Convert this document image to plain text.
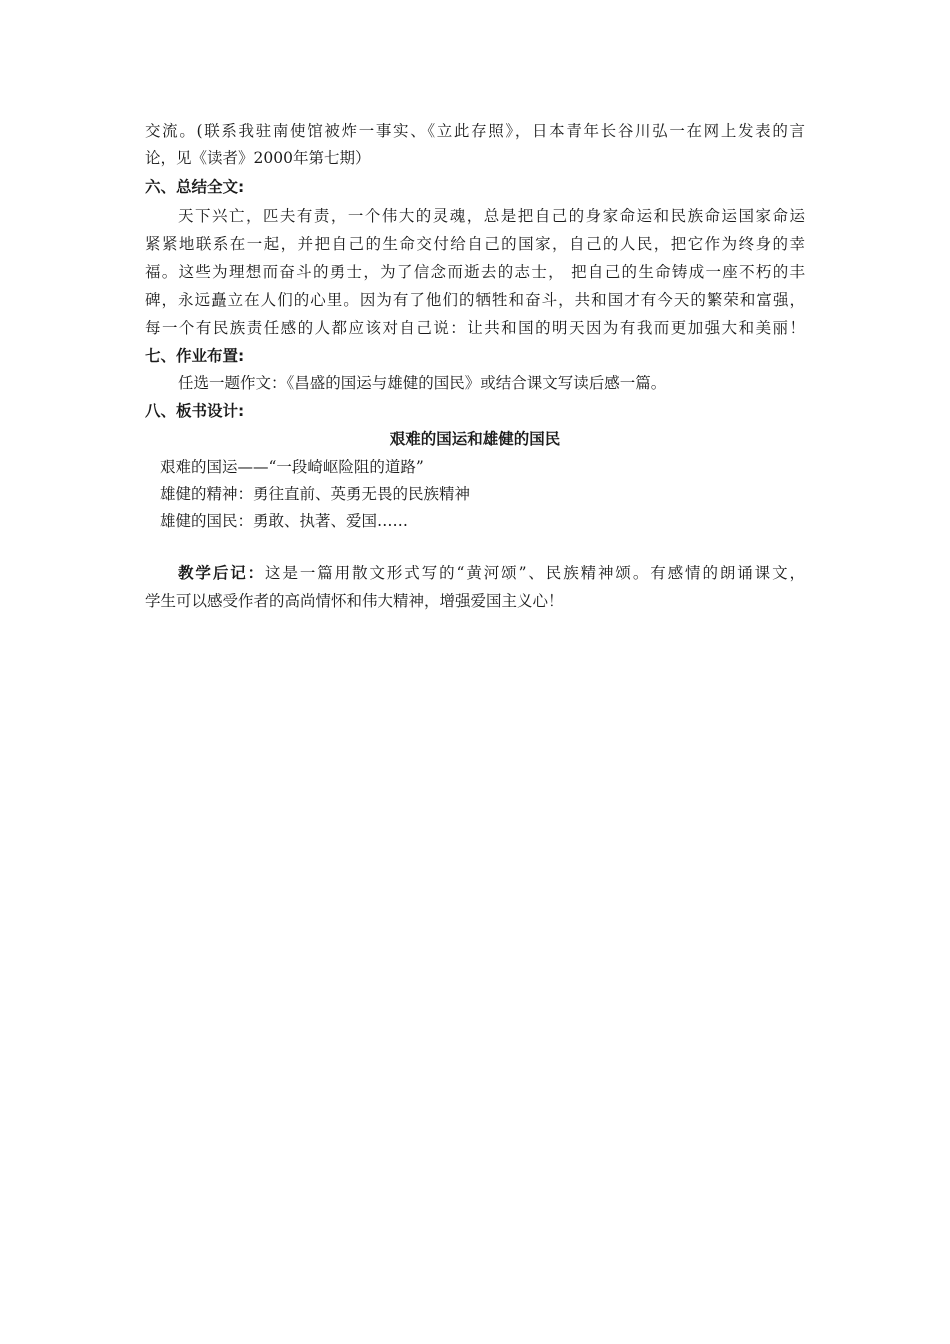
交流。(联系我驻南使馆被炸一事实、《立此存照》，日本青年长谷川弘一在网上发表的言
论，见《读者》2000年第七期）
六、总结全文:
天下兴亡，匹夫有责，一个伟大的灵魂，总是把自己的身家命运和民族命运国家命运
紧紧地联系在一起，并把自己的生命交付给自己的国家，自己的人民，把它作为终身的幸
福。这些为理想而奋斗的勇士，为了信念而逝去的志士， 把自己的生命铸成一座不朽的丰
碑，永远矗立在人们的心里。因为有了他们的牺牲和奋斗，共和国才有今天的繁荣和富强，
每一个有民族责任感的人都应该对自己说：让共和国的明天因为有我而更加强大和美丽！
七、作业布置:
任选一题作文：《昌盛的国运与雄健的国民》或结合课文写读后感一篇。
八、板书设计:
艰难的国运和雄健的国民
艰难的国运——“一段崎岖险阻的道路”
雄健的精神：勇往直前、英勇无畏的民族精神
雄健的国民：勇敢、执著、爱国……
教学后记：这是一篇用散文形式写的“黄河颂”、民族精神颂。有感情的朗诵课文，
学生可以感受作者的高尚情怀和伟大精神，增强爱国主义心！
